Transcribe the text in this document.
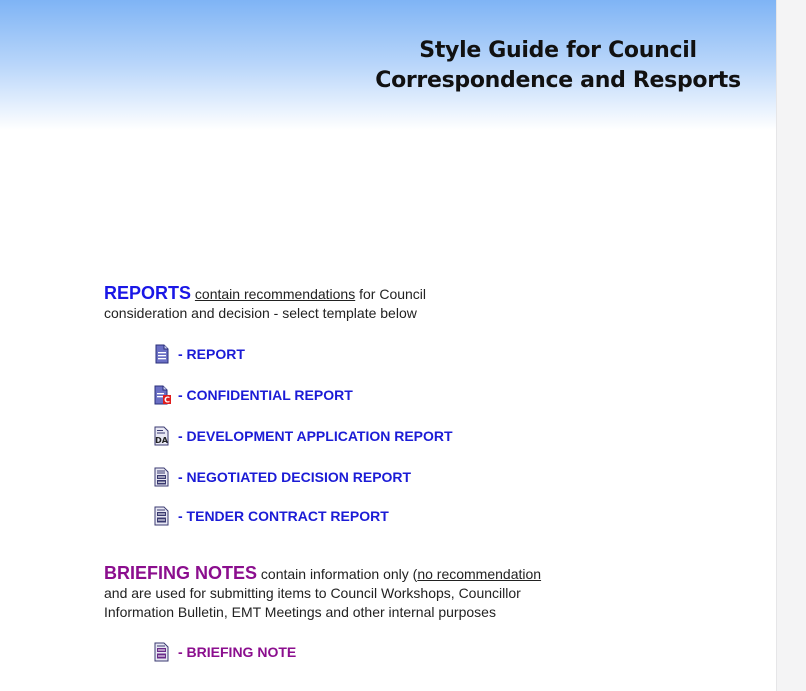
Style Guide for Council
Correspondence and Resports
REPORTS contain recommendations for Council
consideration and decision - select template below
- REPORT
C - CONFIDENTIAL REPORT
DA - DEVELOPMENT APPLICATION REPORT
- NEGOTIATED DECISION REPORT
- TENDER CONTRACT REPORT
BRIEFING NOTES contain information only (no recommendation
and are used for submitting items to Council Workshops, Councillor
Information Bulletin, EMT Meetings and other internal purposes
- BRIEFING NOTE
